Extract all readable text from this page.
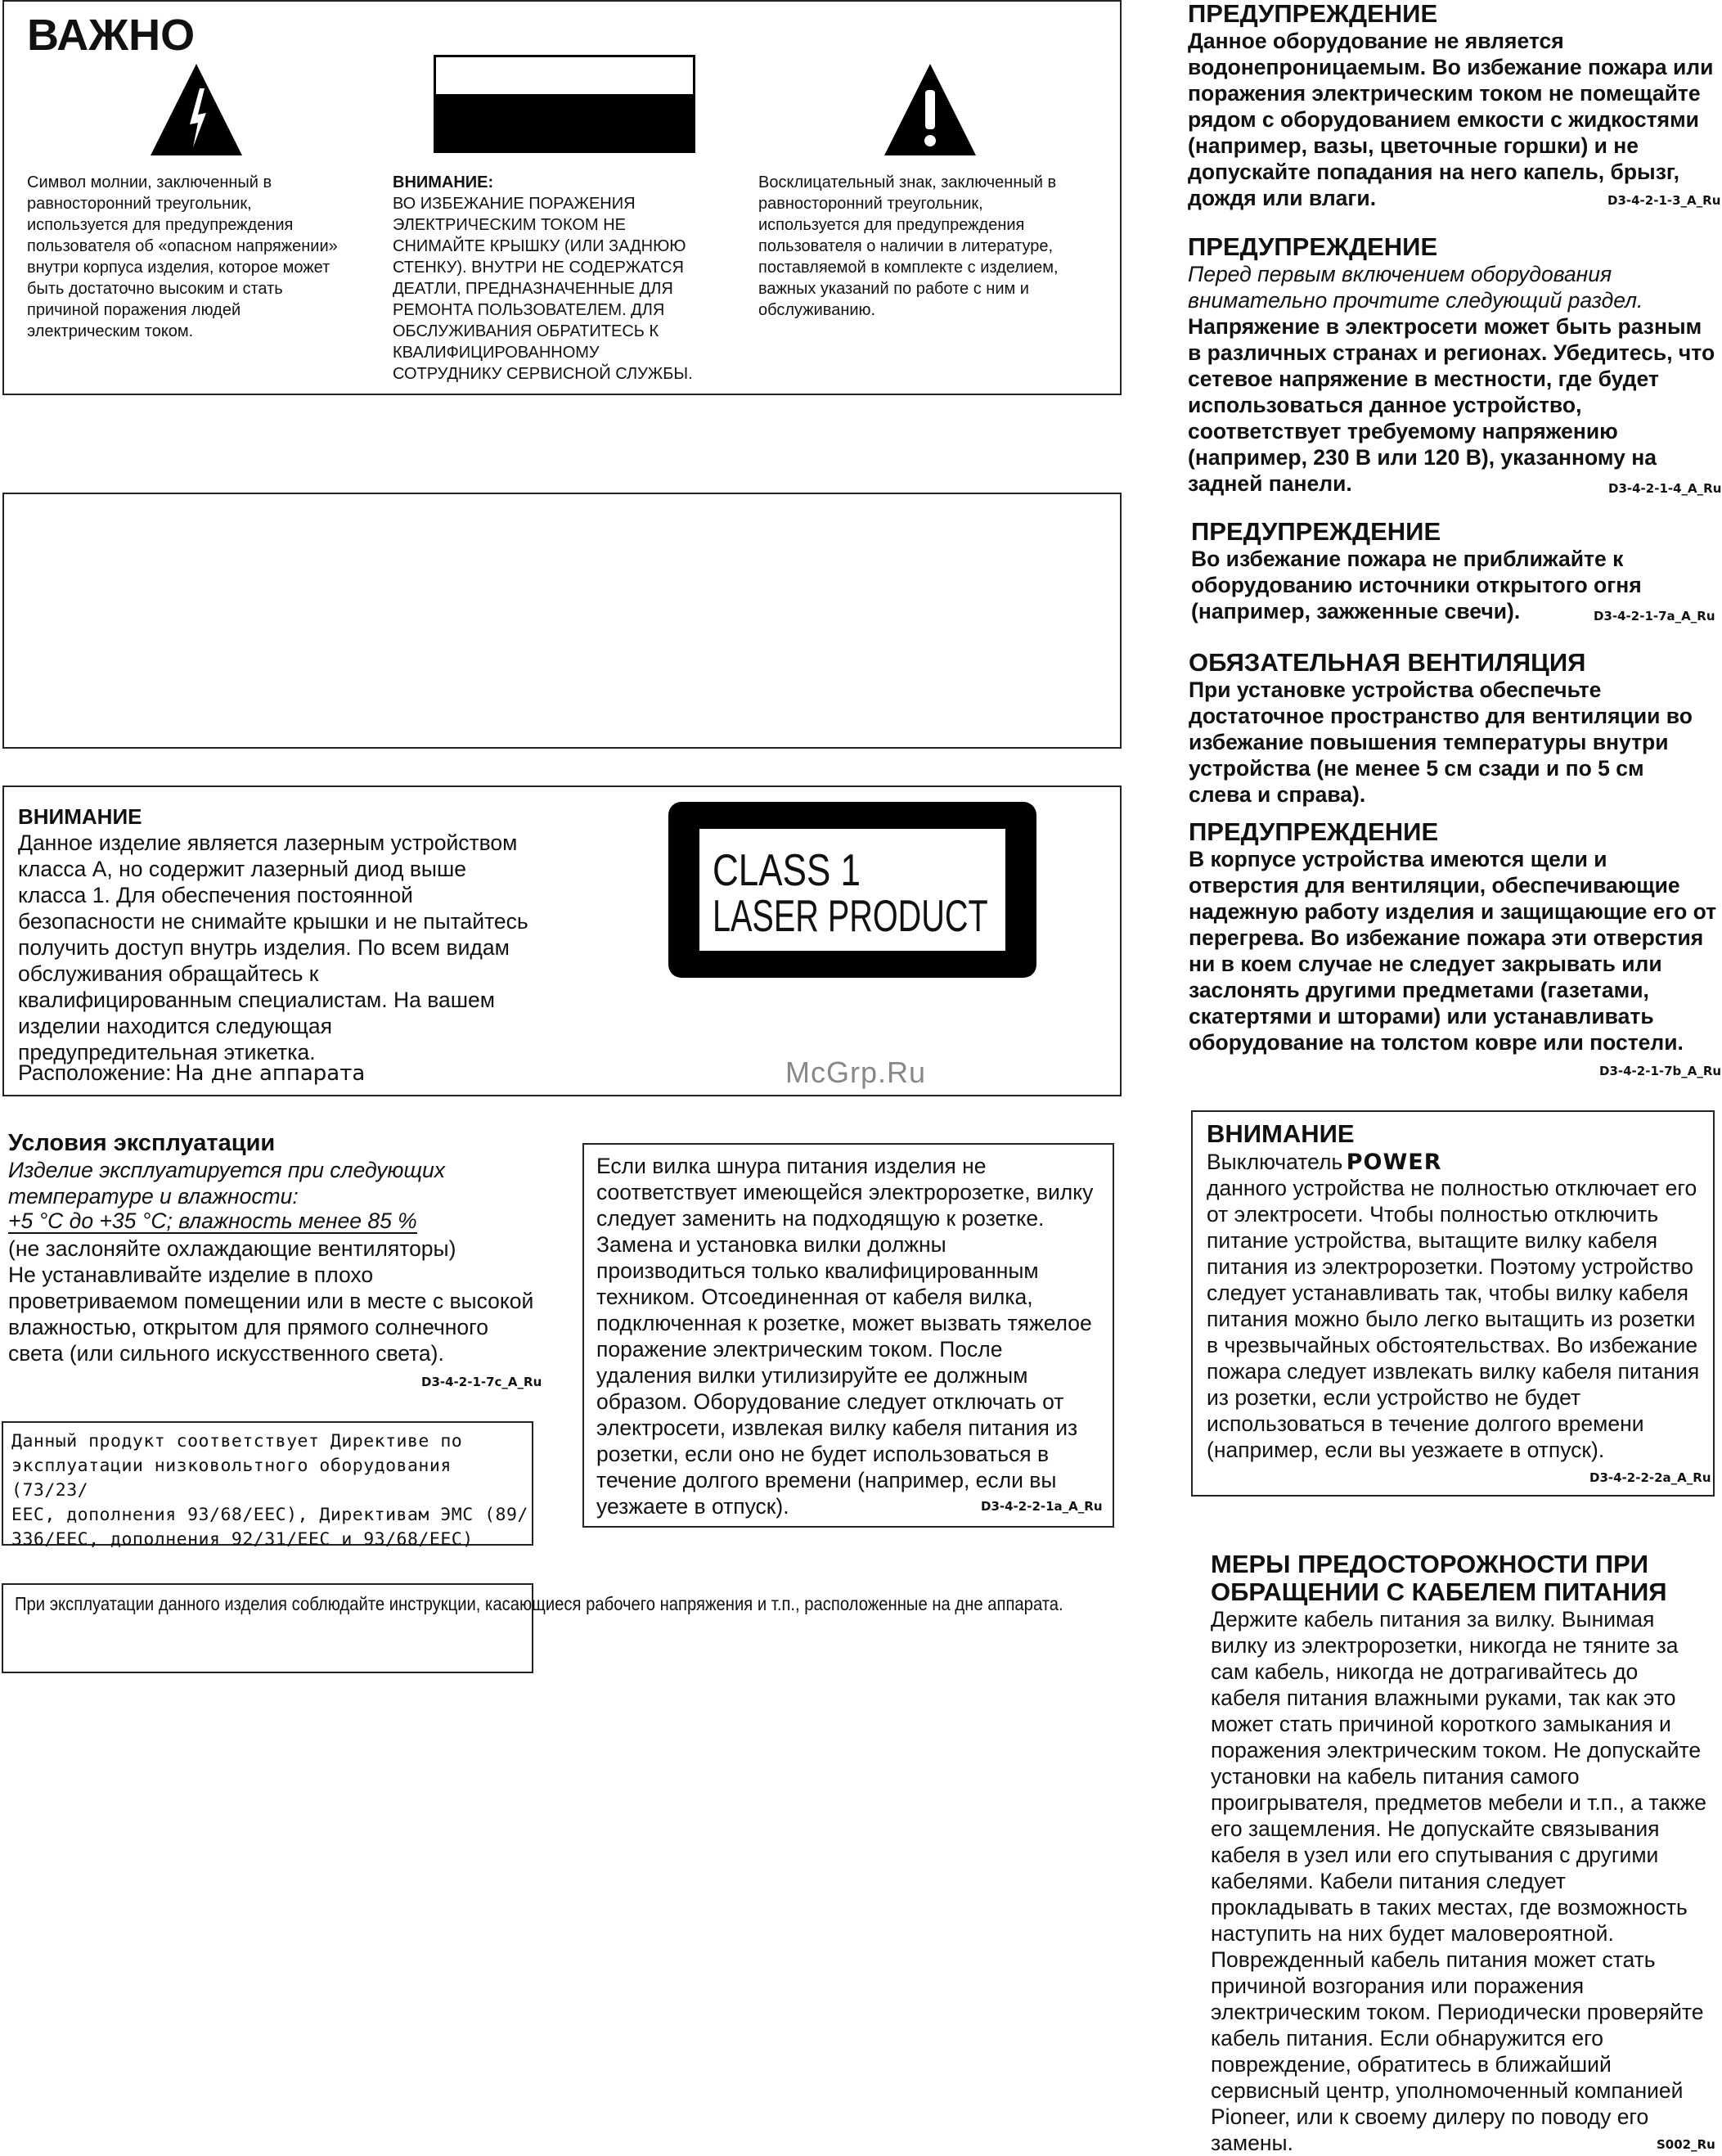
ВАЖНО
Символ молнии, заключенный в
равносторонний треугольник,
используется для предупреждения
пользователя об «опасном напряжении»
внутри корпуса изделия, которое может
быть достаточно высоким и стать
причиной поражения людей
электрическим током.
ВНИМАНИЕ:
ВО ИЗБЕЖАНИЕ ПОРАЖЕНИЯ
ЭЛЕКТРИЧЕСКИМ ТОКОМ НЕ
СНИМАЙТЕ КРЫШКУ (ИЛИ ЗАДНЮЮ
СТЕНКУ). ВНУТРИ НЕ СОДЕРЖАТСЯ
ДЕАТЛИ, ПРЕДНАЗНАЧЕННЫЕ ДЛЯ
РЕМОНТА ПОЛЬЗОВАТЕЛЕМ. ДЛЯ
ОБСЛУЖИВАНИЯ ОБРАТИТЕСЬ К
КВАЛИФИЦИРОВАННОМУ
СОТРУДНИКУ СЕРВИСНОЙ СЛУЖБЫ.
Восклицательный знак, заключенный в
равносторонний треугольник,
используется для предупреждения
пользователя о наличии в литературе,
поставляемой в комплекте с изделием,
важных указаний по работе с ним и
обслуживанию.
ВНИМАНИЕ
Данное изделие является лазерным устройством
класса A, но содержит лазерный диод выше
класса 1. Для обеспечения постоянной
безопасности не снимайте крышки и не пытайтесь
получить доступ внутрь изделия. По всем видам
обслуживания обращайтесь к
квалифицированным специалистам. На вашем
изделии находится следующая
предупредительная этикетка.
Расположение: На дне аппарата
CLASS 1
LASER PRODUCT
McGrp.Ru
Условия эксплуатации
Изделие эксплуатируется при следующих
температуре и влажности:
+5 °C до +35 °C; влажность менее 85 %
(не заслоняйте охлаждающие вентиляторы)
Не устанавливайте изделие в плохо
проветриваемом помещении или в месте с высокой
влажностью, открытом для прямого солнечного
света (или сильного искусственного света).
D3-4-2-1-7c_A_Ru
Данный продукт соответствует Директиве по
эксплуатации низковольтного оборудования (73/23/
EEC, дополнения 93/68/EEC), Директивам ЭМС (89/
336/EEC, дополнения 92/31/EEC и 93/68/EEC)
При эксплуатации данного изделия соблюдайте инструкции, касающиеся рабочего напряжения и т.п., расположенные на дне аппарата.
Если вилка шнура питания изделия не
соответствует имеющейся электророзетке, вилку
следует заменить на подходящую к розетке.
Замена и установка вилки должны
производиться только квалифицированным
техником. Отсоединенная от кабеля вилка,
подключенная к розетке, может вызвать тяжелое
поражение электрическим током. После
удаления вилки утилизируйте ее должным
образом. Оборудование следует отключать от
электросети, извлекая вилку кабеля питания из
розетки, если оно не будет использоваться в
течение долгого времени (например, если вы
уезжаете в отпуск).	D3-4-2-2-1a_A_Ru
ПРЕДУПРЕЖДЕНИЕ
Данное оборудование не является
водонепроницаемым. Во избежание пожара или
поражения электрическим током не помещайте
рядом с оборудованием емкости с жидкостями
(например, вазы, цветочные горшки) и не
допускайте попадания на него капель, брызг,
дождя или влаги.	D3-4-2-1-3_A_Ru
ПРЕДУПРЕЖДЕНИЕ
Перед первым включением оборудования
внимательно прочтите следующий раздел.
Напряжение в электросети может быть разным
в различных странах и регионах. Убедитесь, что
сетевое напряжение в местности, где будет
использоваться данное устройство,
соответствует требуемому напряжению
(например, 230 В или 120 В), указанному на
задней панели.	D3-4-2-1-4_A_Ru
ПРЕДУПРЕЖДЕНИЕ
Во избежание пожара не приближайте к
оборудованию источники открытого огня
(например, зажженные свечи).	D3-4-2-1-7a_A_Ru
ОБЯЗАТЕЛЬНАЯ ВЕНТИЛЯЦИЯ
При установке устройства обеспечьте
достаточное пространство для вентиляции во
избежание повышения температуры внутри
устройства (не менее 5 см сзади и по 5 см
слева и справа).
ПРЕДУПРЕЖДЕНИЕ
В корпусе устройства имеются щели и
отверстия для вентиляции, обеспечивающие
надежную работу изделия и защищающие его от
перегрева. Во избежание пожара эти отверстия
ни в коем случае не следует закрывать или
заслонять другими предметами (газетами,
скатертями и шторами) или устанавливать
оборудование на толстом ковре или постели.
D3-4-2-1-7b_A_Ru
ВНИМАНИЕ
Выключатель POWER
данного устройства не полностью отключает его
от электросети. Чтобы полностью отключить
питание устройства, вытащите вилку кабеля
питания из электророзетки. Поэтому устройство
следует устанавливать так, чтобы вилку кабеля
питания можно было легко вытащить из розетки
в чрезвычайных обстоятельствах. Во избежание
пожара следует извлекать вилку кабеля питания
из розетки, если устройство не будет
использоваться в течение долгого времени
(например, если вы уезжаете в отпуск).
D3-4-2-2-2a_A_Ru
МЕРЫ ПРЕДОСТОРОЖНОСТИ ПРИ
ОБРАЩЕНИИ С КАБЕЛЕМ ПИТАНИЯ
Держите кабель питания за вилку. Вынимая
вилку из электророзетки, никогда не тяните за
сам кабель, никогда не дотрагивайтесь до
кабеля питания влажными руками, так как это
может стать причиной короткого замыкания и
поражения электрическим током. Не допускайте
установки на кабель питания самого
проигрывателя, предметов мебели и т.п., а также
его защемления. Не допускайте связывания
кабеля в узел или его спутывания с другими
кабелями. Кабели питания следует
прокладывать в таких местах, где возможность
наступить на них будет маловероятной.
Поврежденный кабель питания может стать
причиной возгорания или поражения
электрическим током. Периодически проверяйте
кабель питания. Если обнаружится его
повреждение, обратитесь в ближайший
сервисный центр, уполномоченный компанией
Pioneer, или к своему дилеру по поводу его
замены.	S002_Ru
